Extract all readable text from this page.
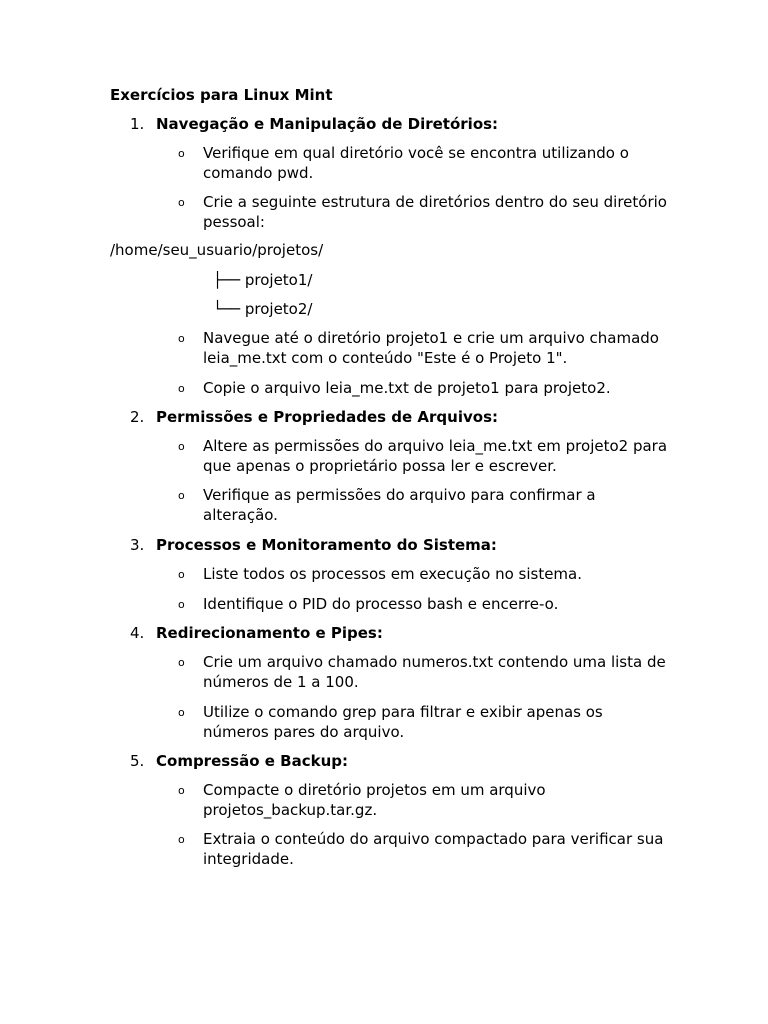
Exercícios para Linux Mint
1. Navegação e Manipulação de Diretórios:
o Verifique em qual diretório você se encontra utilizando o comando pwd.
o Crie a seguinte estrutura de diretórios dentro do seu diretório pessoal:
/home/seu_usuario/projetos/
├── projeto1/
└── projeto2/
o Navegue até o diretório projeto1 e crie um arquivo chamado leia_me.txt com o conteúdo "Este é o Projeto 1".
o Copie o arquivo leia_me.txt de projeto1 para projeto2.
2. Permissões e Propriedades de Arquivos:
o Altere as permissões do arquivo leia_me.txt em projeto2 para que apenas o proprietário possa ler e escrever.
o Verifique as permissões do arquivo para confirmar a alteração.
3. Processos e Monitoramento do Sistema:
o Liste todos os processos em execução no sistema.
o Identifique o PID do processo bash e encerre-o.
4. Redirecionamento e Pipes:
o Crie um arquivo chamado numeros.txt contendo uma lista de números de 1 a 100.
o Utilize o comando grep para filtrar e exibir apenas os números pares do arquivo.
5. Compressão e Backup:
o Compacte o diretório projetos em um arquivo projetos_backup.tar.gz.
o Extraia o conteúdo do arquivo compactado para verificar sua integridade.
